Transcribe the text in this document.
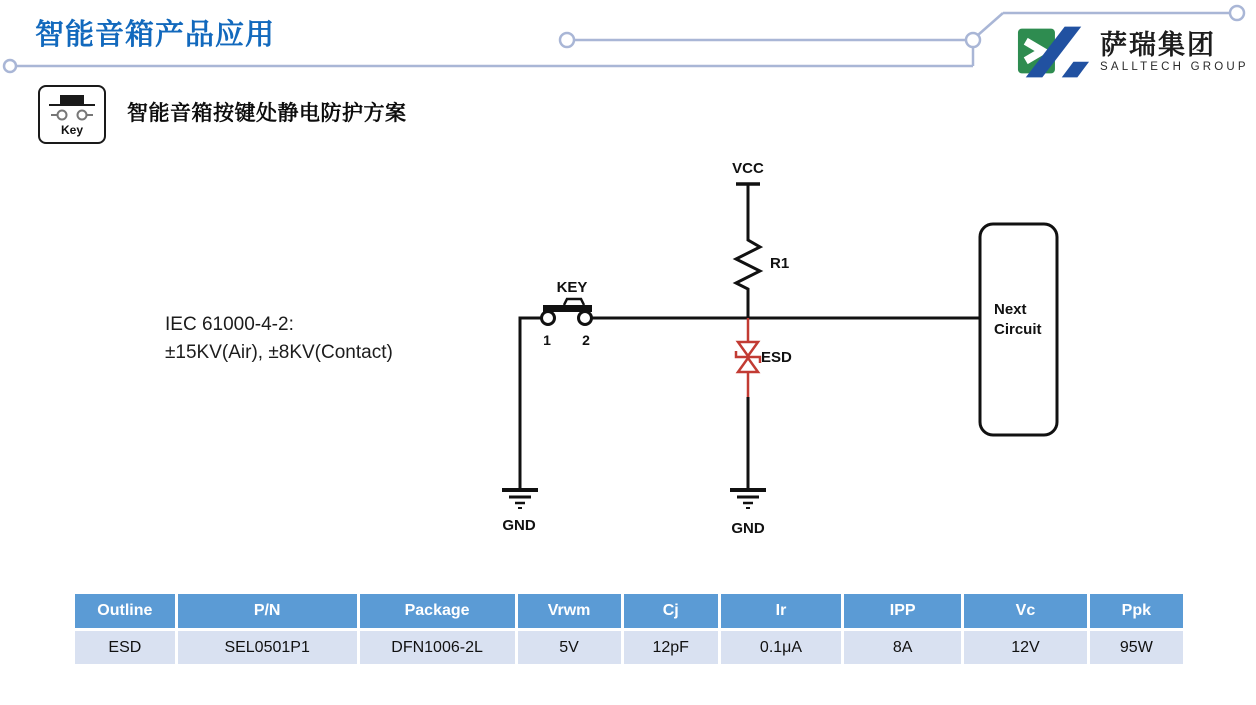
智能音箱产品应用	萨瑞集团
SALLTECH GROUP
Key
智能音箱按键处静电防护方案
IEC 61000-4-2:
±15KV(Air), ±8KV(Contact)
VCC
R1
KEY
1 2
GND
ESD
GND
Next
Circuit
Outline	P/N	Package	Vrwm	Cj	Ir	IPP	Vc	Ppk
ESD	SEL0501P1	DFN1006-2L	5V	12pF	0.1μA	8A	12V	95W
